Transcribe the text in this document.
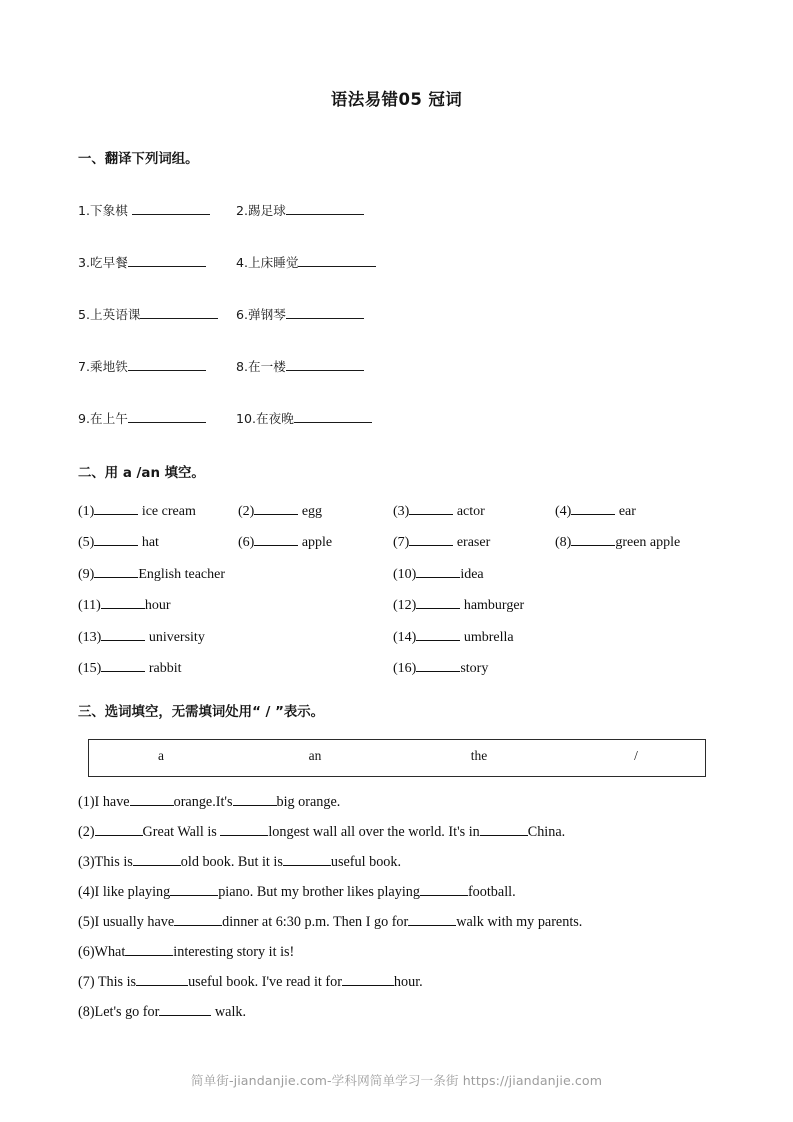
语法易错05 冠词
一、翻译下列词组。
1.下象棋	2.踢足球
3.吃早餐	4.上床睡觉
5.上英语课	6.弹钢琴
7.乘地铁	8.在一楼
9.在上午	10.在夜晚
二、用 a /an 填空。
(1)	ice cream	(2)	egg	(3)	actor	(4)	ear
(5)	hat	(6)	apple	(7)	eraser	(8)	green apple
(9)	English teacher	(10)	idea
(11)	hour	(12)	hamburger
(13)	university	(14)	umbrella
(15)	rabbit	(16)	story
三、选词填空，无需填词处用“ / ”表示。
a	an	the	/
(1)I have	orange.It's	big orange.
(2)	Great Wall is	longest wall all over the world. It's in	China.
(3)This is	old book. But it is	useful book.
(4)I like playing	piano. But my brother likes playing	football.
(5)I usually have	dinner at 6:30 p.m. Then I go for	walk with my parents.
(6)What	interesting story it is!
(7) This is	useful book. I've read it for	hour.
(8)Let's go for	walk.
简单街-jiandanjie.com-学科网简单学习一条街 https://jiandanjie.com
